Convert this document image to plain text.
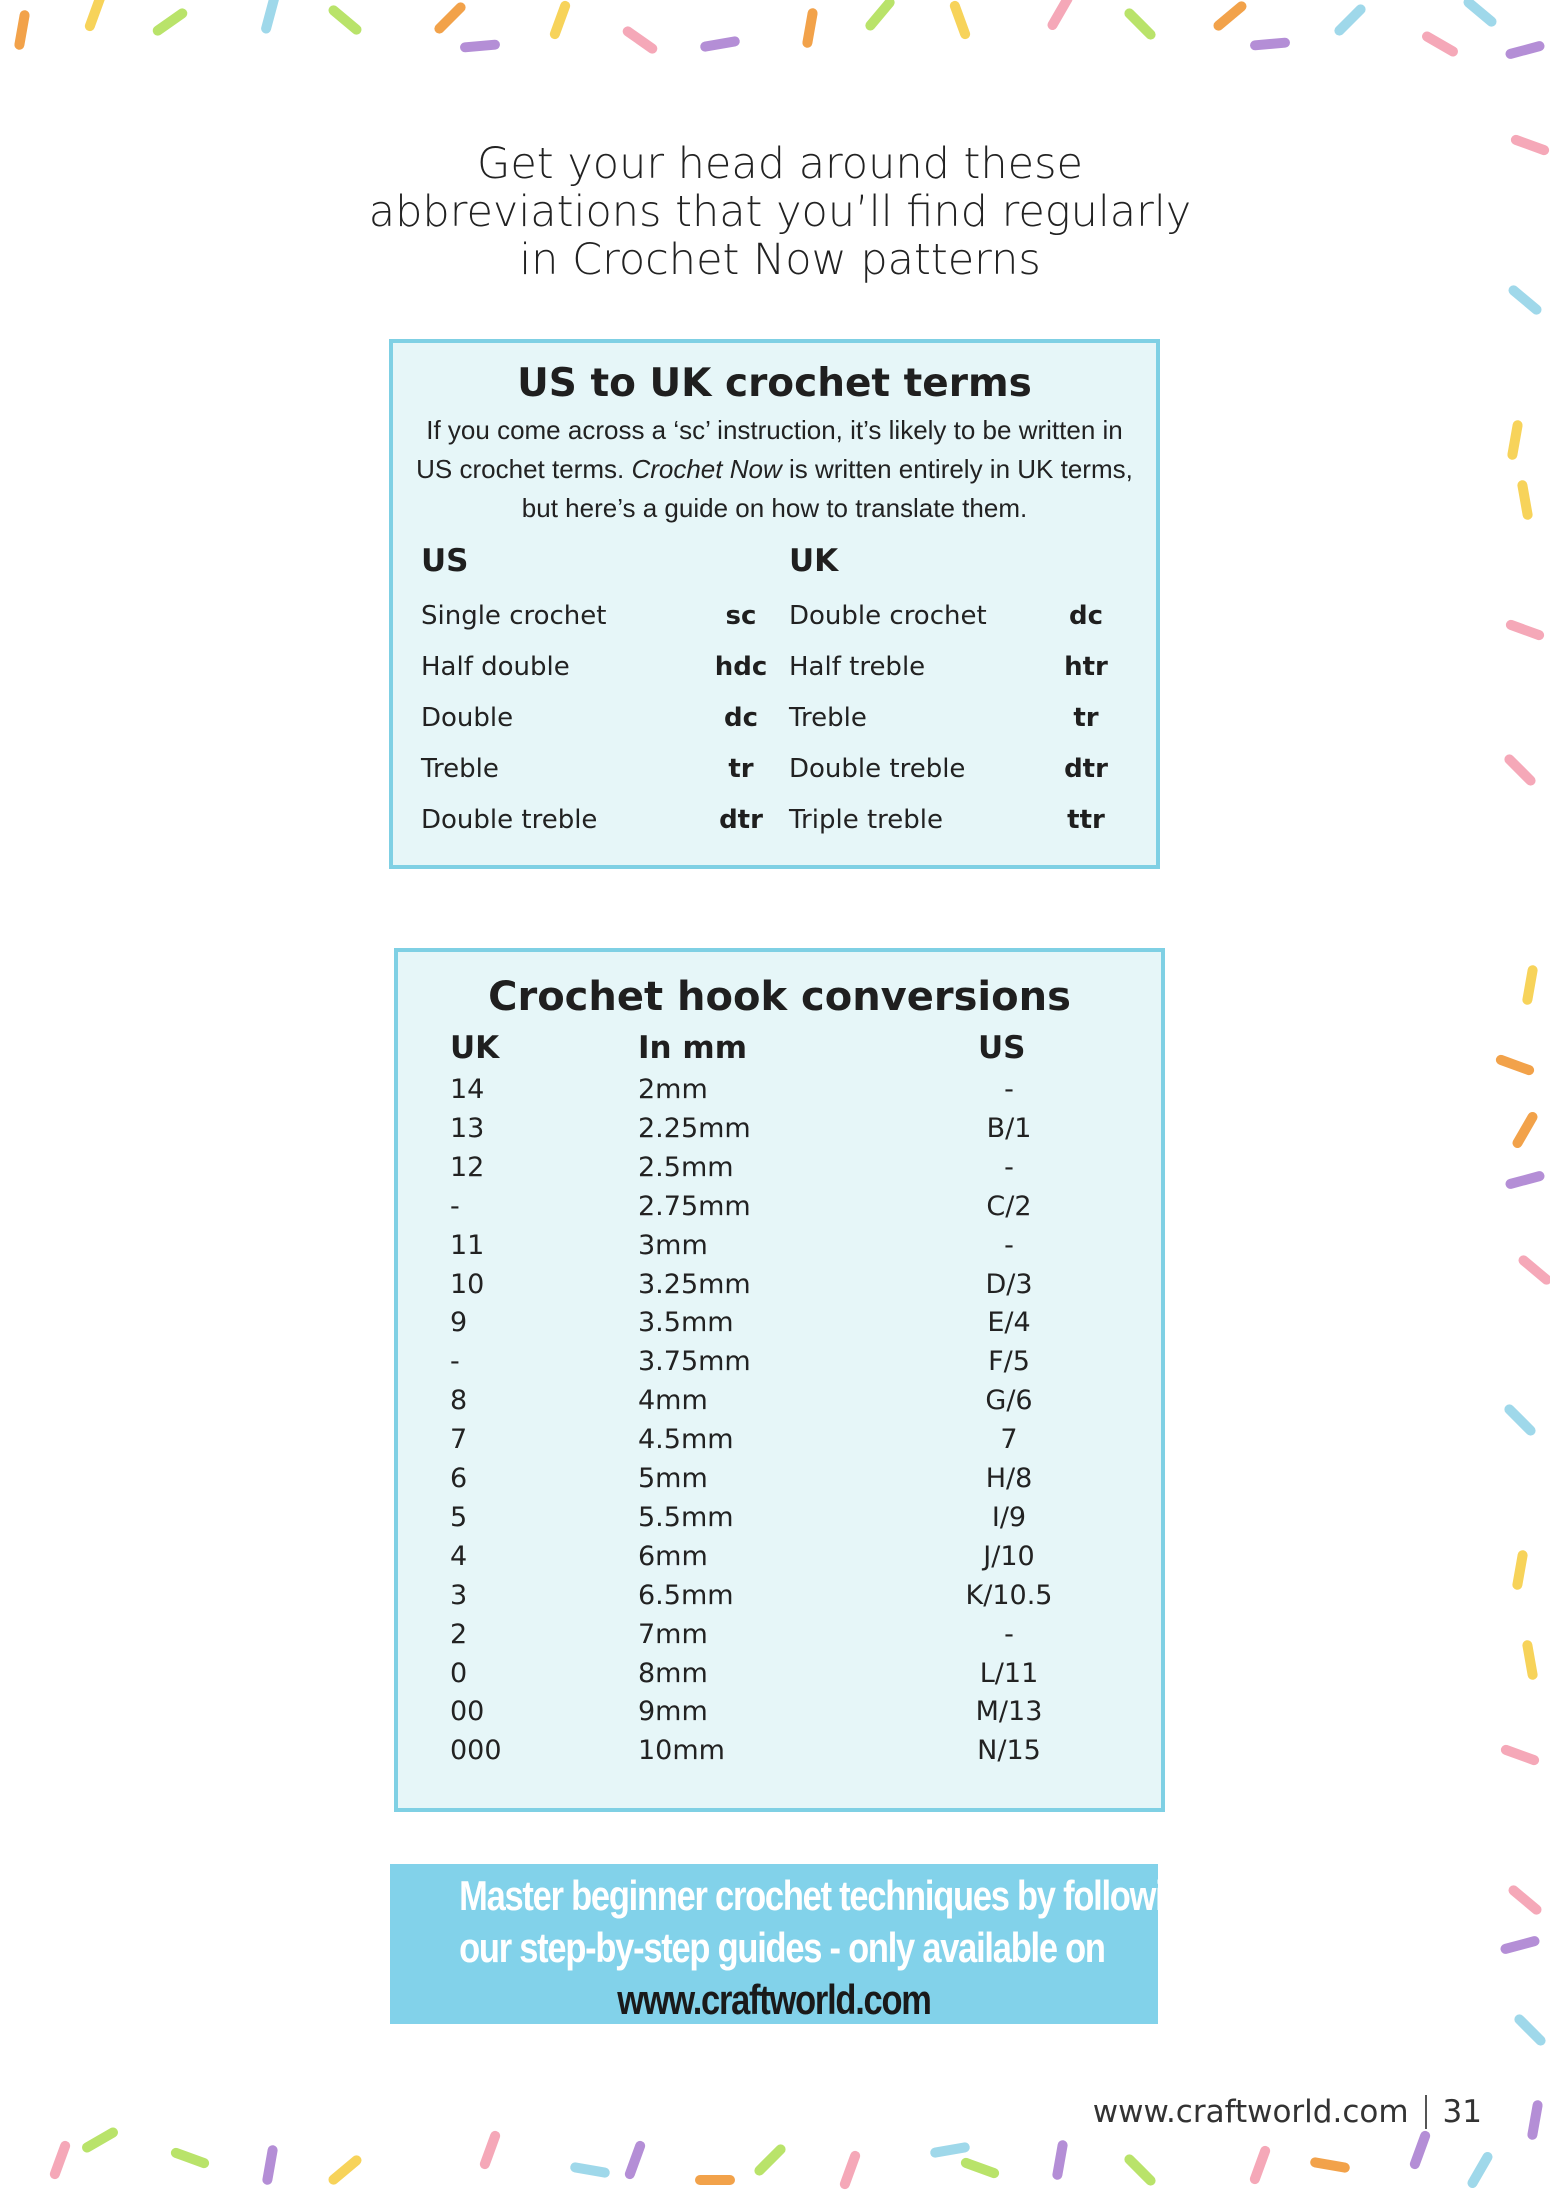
Get your head around these
abbreviations that you’ll find regularly
in Crochet Now patterns

US to UK crochet terms

If you come across a ‘sc’ instruction, it’s likely to be written in US crochet terms. Crochet Now is written entirely in UK terms, but here’s a guide on how to translate them.

US	UK
Single crochet	sc	Double crochet	dc
Half double	hdc Half treble	htr
Double	dc	Treble	tr
Treble	tr	Double treble	dtr
Double treble	dtr	Triple treble	ttr
Crochet hook conversions
UK	In mm	US
14	2mm	-
13	2.25mm	B/1
12	2.5mm	-
-	2.75mm	C/2
11	3mm	-
10	3.25mm	D/3
9	3.5mm	E/4
-	3.75mm	F/5
8	4mm	G/6
7	4.5mm	7
6	5mm	H/8
5	5.5mm	I/9
4	6mm	J/10
3	6.5mm	K/10.5
2	7mm	-
0	8mm	L/11
00	9mm	M/13
000	10mm	N/15
Master beginner crochet techniques by following
our step-by-step guides - only available on
www.craftworld.com
www.craftworld.com 31
